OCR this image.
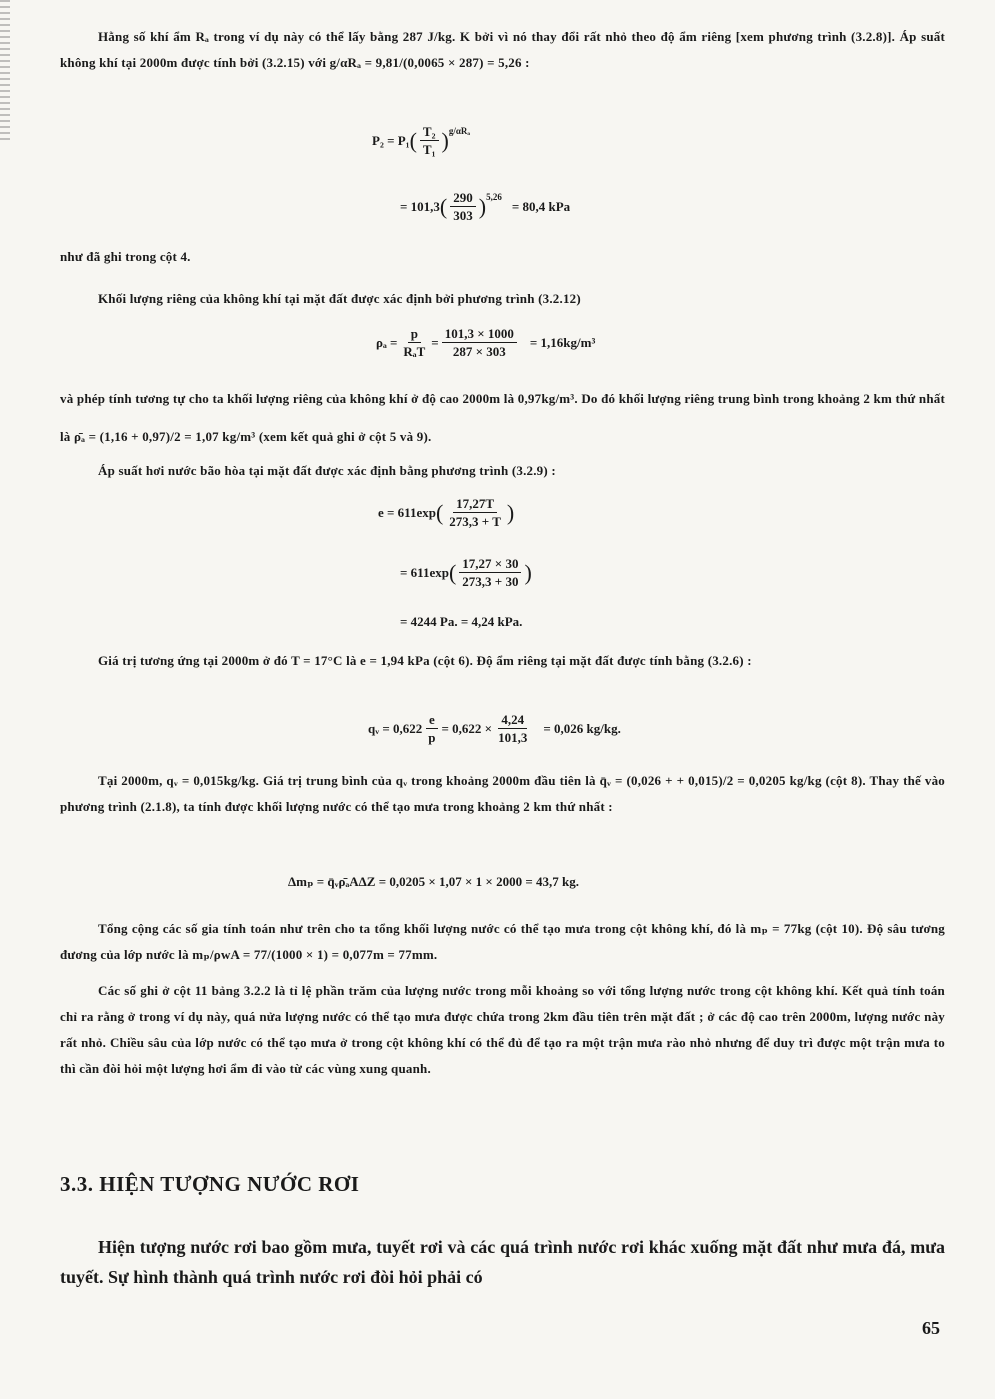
Hằng số khí ẩm Rₐ trong ví dụ này có thể lấy bằng 287 J/kg. K bởi vì nó thay đổi rất nhỏ theo độ ẩm riêng [xem phương trình (3.2.8)]. Áp suất không khí tại 2000m được tính bởi (3.2.15) với g/αRₐ = 9,81/(0,0065 × 287) = 5,26 :

P₂ = P₁ ( $\frac{\text{T₂}}{\text{T₁}}$ ) g/αRₐ
= 101,3 ( $\frac{290}{303}$ ) 5,26
= 80,4 kPa

như đã ghi trong cột 4.

Khối lượng riêng của không khí tại mặt đất được xác định bởi phương trình (3.2.12)

$\rho_a = \frac{p}{\text{RₐT}} = \frac{101,3 \times 1000}{287 \times 303} = 1,16kg/m^3$

và phép tính tương tự cho ta khối lượng riêng của không khí ở độ cao 2000m là 0,97kg/m³. Do đó khối lượng riêng trung bình trong khoảng 2 km thứ nhất là ρ̄ₐ = (1,16 + 0,97)/2 = 1,07 kg/m³ (xem kết quả ghi ở cột 5 và 9).

Áp suất hơi nước bão hòa tại mặt đất được xác định bằng phương trình (3.2.9) :

e = 611exp ( $\frac{17,27T}{273,3 + T}$ )
= 611exp ( $\frac{17,27 \times 30}{273,3 + 30}$ )
= 4244 Pa. = 4,24 kPa.

Giá trị tương ứng tại 2000m ở đó T = 17°C là e = 1,94 kPa (cột 6). Độ ẩm riêng tại mặt đất được tính bằng (3.2.6) :

qᵥ = $0,622 \frac{e}{p} = 0,622 \times \frac{4,24}{101,3} = 0,026$ kg/kg.

Tại 2000m, qᵥ = 0,015kg/kg. Giá trị trung bình của qᵥ trong khoảng 2000m đầu tiên là q̄ᵥ = (0,026 + + 0,015)/2 = 0,0205 kg/kg (cột 8). Thay thế vào phương trình (2.1.8), ta tính được khối lượng nước có thể tạo mưa trong khoảng 2 km thứ nhất :

Δmₚ = q̄ᵥρ̄ₐAΔZ = 0,0205 × 1,07 × 1 × 2000 = 43,7 kg.

Tổng cộng các số gia tính toán như trên cho ta tổng khối lượng nước có thể tạo mưa trong cột không khí, đó là mₚ = 77kg (cột 10). Độ sâu tương đương của lớp nước là mₚ/ρwA = 77/(1000 × 1) = 0,077m = 77mm.

Các số ghi ở cột 11 bảng 3.2.2 là tỉ lệ phần trăm của lượng nước trong mỗi khoảng so với tổng lượng nước trong cột không khí. Kết quả tính toán chỉ ra rằng ở trong ví dụ này, quá nửa lượng nước có thể tạo mưa được chứa trong 2km đầu tiên trên mặt đất ; ở các độ cao trên 2000m, lượng nước này rất nhỏ. Chiều sâu của lớp nước có thể tạo mưa ở trong cột không khí có thể đủ để tạo ra một trận mưa rào nhỏ nhưng để duy trì được một trận mưa to thì cần đòi hỏi một lượng hơi ẩm đi vào từ các vùng xung quanh.

3.3. HIỆN TƯỢNG NƯỚC RƠI

Hiện tượng nước rơi bao gồm mưa, tuyết rơi và các quá trình nước rơi khác xuống mặt đất như mưa đá, mưa tuyết. Sự hình thành quá trình nước rơi đòi hỏi phải có

65
